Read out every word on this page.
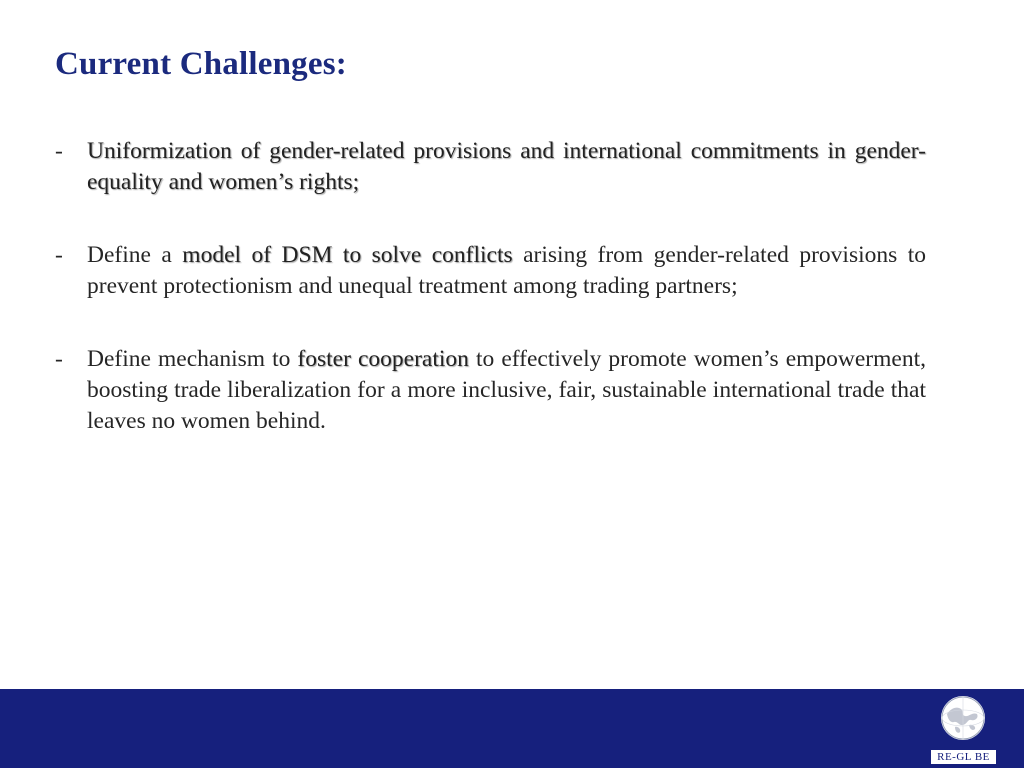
Current Challenges:
- Uniformization of gender-related provisions and international commitments in gender-equality and women’s rights;
- Define a model of DSM to solve conflicts arising from gender-related provisions to prevent protectionism and unequal treatment among trading partners;
- Define mechanism to foster cooperation to effectively promote women’s empowerment, boosting trade liberalization for a more inclusive, fair, sustainable international trade that leaves no women behind.
RE-GL BE
